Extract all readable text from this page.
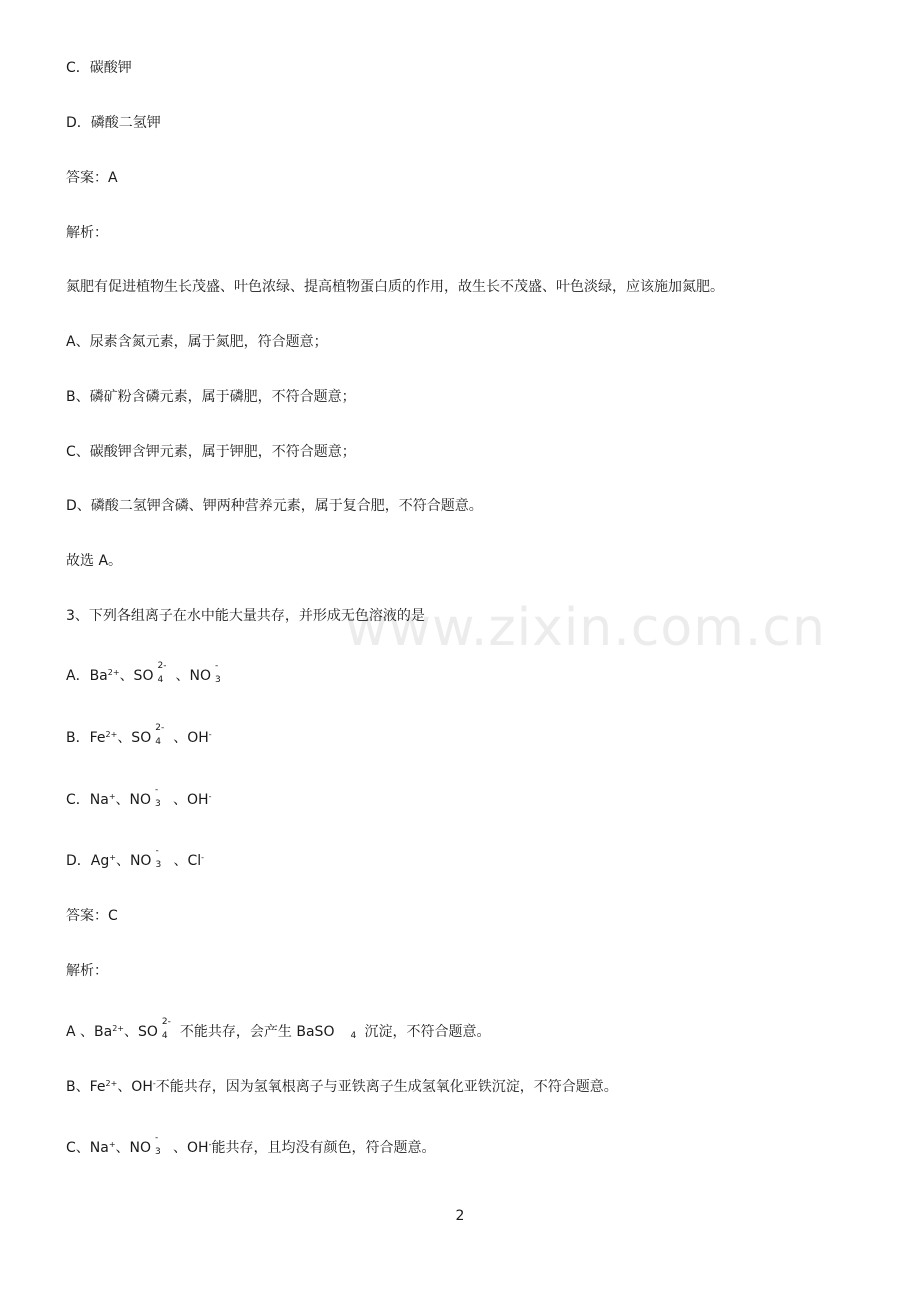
www.zixin.com.cn
C．碳酸钾
D．磷酸二氢钾
答案：A
解析：
氮肥有促进植物生长茂盛、叶色浓绿、提高植物蛋白质的作用，故生长不茂盛、叶色淡绿，应该施加氮肥。
A、尿素含氮元素，属于氮肥，符合题意；
B、磷矿粉含磷元素，属于磷肥，不符合题意；
C、碳酸钾含钾元素，属于钾肥，不符合题意；
D、磷酸二氢钾含磷、钾两种营养元素，属于复合肥，不符合题意。
故选 A。
3、下列各组离子在水中能大量共存，并形成无色溶液的是
A．$Ba^{2+}$、SO
2-
4 、NO
-
3
B．$Fe^{2+}$、SO
2-
4 、OH-
C．Na+、NO
-
3 、OH-
D．Ag+、NO
-
3 、Cl-
答案：C
解析：
A 、$Ba^{2+}$、SO
2-
4 不能共存，会产生 BaSO 4 沉淀，不符合题意。
B、$Fe^{2+}$、OH-不能共存，因为氢氧根离子与亚铁离子生成氢氧化亚铁沉淀，不符合题意。
C、Na+、NO
-
3 、OH-能共存，且均没有颜色，符合题意。
2
